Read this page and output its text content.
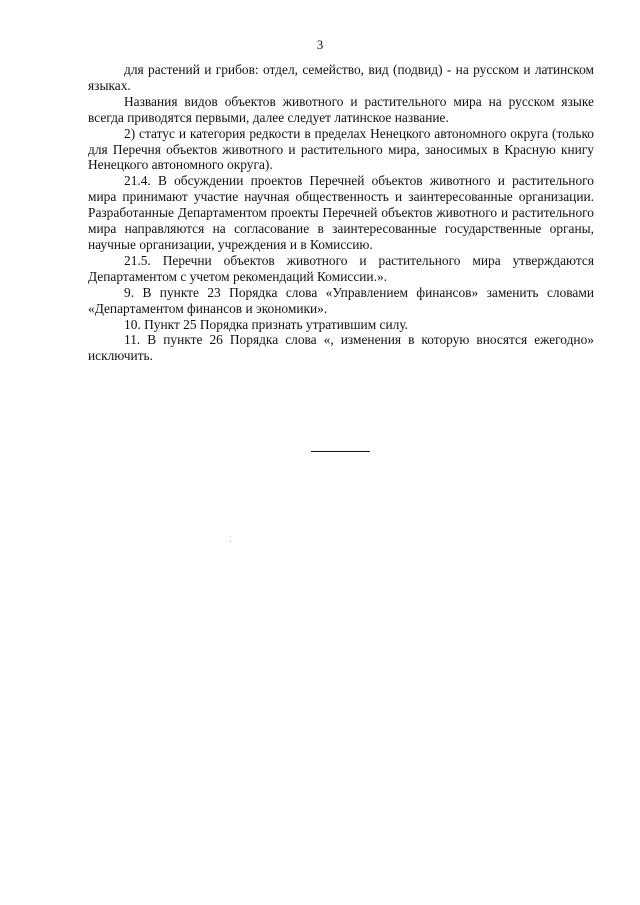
3

для растений и грибов: отдел, семейство, вид (подвид) - на русском и латинском языках.

Названия видов объектов животного и растительного мира на русском языке всегда приводятся первыми, далее следует латинское название.

2) статус и категория редкости в пределах Ненецкого автономного округа (только для Перечня объектов животного и растительного мира, заносимых в Красную книгу Ненецкого автономного округа).

21.4. В обсуждении проектов Перечней объектов животного и растительного мира принимают участие научная общественность и заинтересованные организации. Разработанные Департаментом проекты Перечней объектов животного и растительного мира направляются на согласование в заинтересованные государственные органы, научные организации, учреждения и в Комиссию.

21.5. Перечни объектов животного и растительного мира утверждаются Департаментом с учетом рекомендаций Комиссии.».

9. В пункте 23 Порядка слова «Управлением финансов» заменить словами «Департаментом финансов и экономики».

10. Пункт 25 Порядка признать утратившим силу.

11. В пункте 26 Порядка слова «, изменения в которую вносятся ежегодно» исключить.
